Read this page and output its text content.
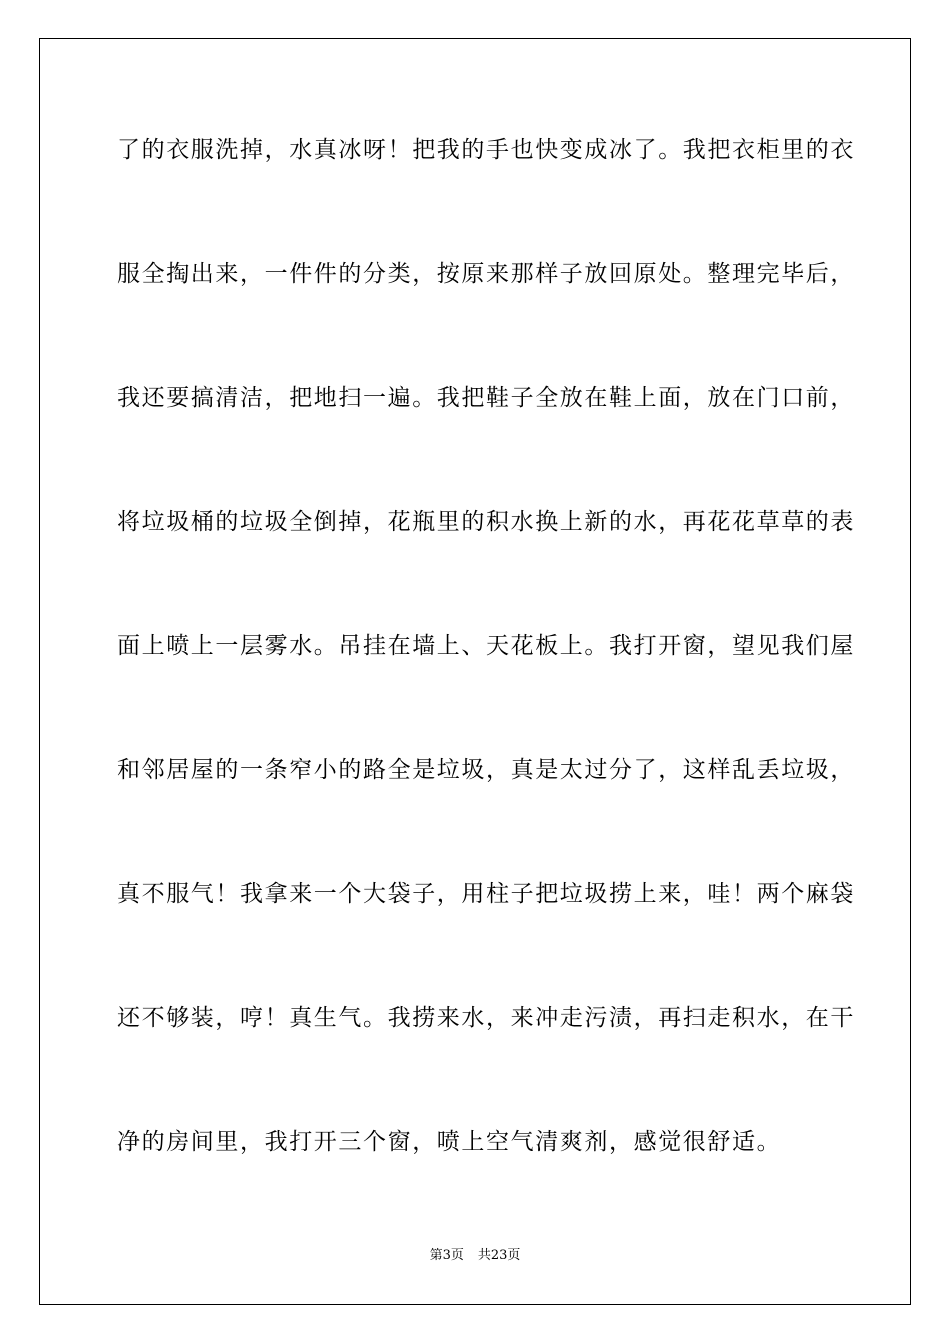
了的衣服洗掉，水真冰呀！把我的手也快变成冰了。我把衣柜里的衣
服全掏出来，一件件的分类，按原来那样子放回原处。整理完毕后，
我还要搞清洁，把地扫一遍。我把鞋子全放在鞋上面，放在门口前，
将垃圾桶的垃圾全倒掉，花瓶里的积水换上新的水，再花花草草的表
面上喷上一层雾水。吊挂在墙上、天花板上。我打开窗，望见我们屋
和邻居屋的一条窄小的路全是垃圾，真是太过分了，这样乱丢垃圾，
真不服气！我拿来一个大袋子，用柱子把垃圾捞上来，哇！两个麻袋
还不够装，哼！真生气。我捞来水，来冲走污渍，再扫走积水，在干
净的房间里，我打开三个窗，喷上空气清爽剂，感觉很舒适。
第3页 共23页
